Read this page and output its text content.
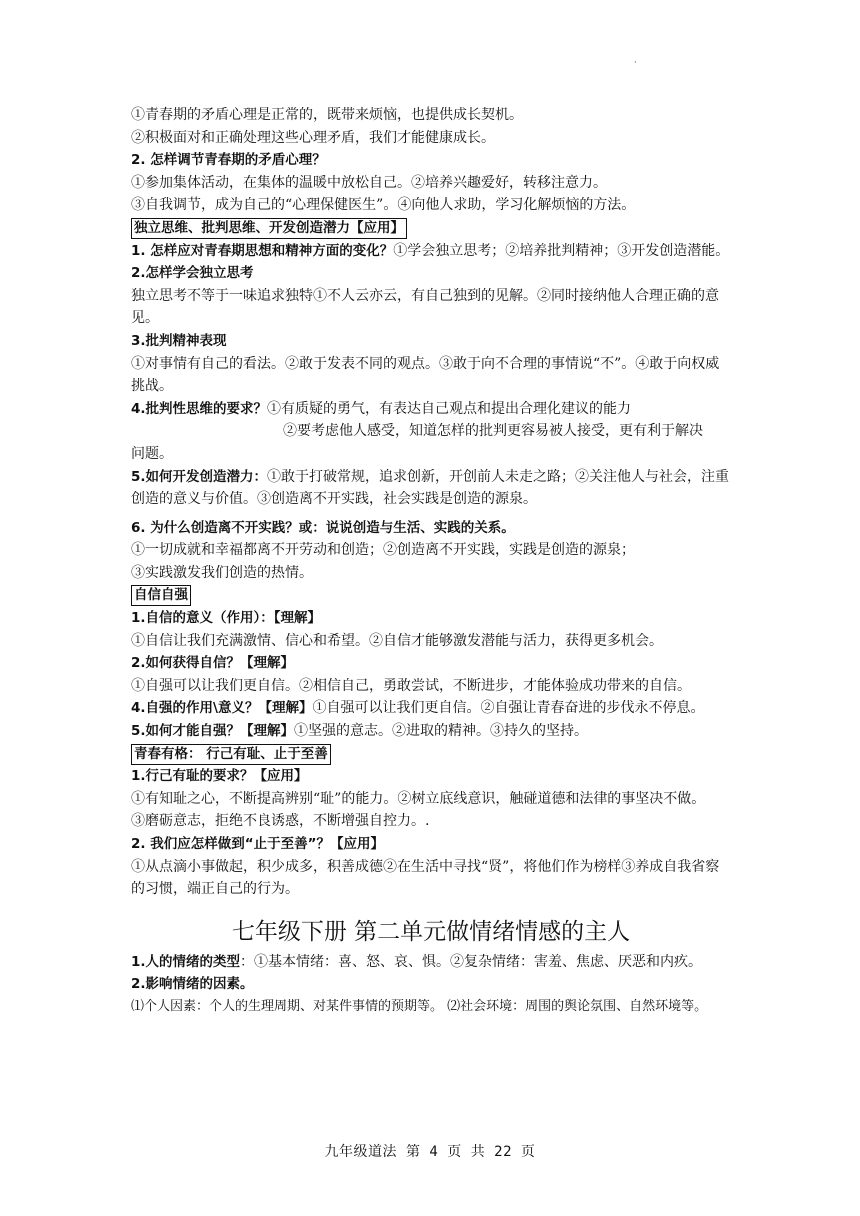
·

①青春期的矛盾心理是正常的，既带来烦恼，也提供成长契机。

②积极面对和正确处理这些心理矛盾，我们才能健康成长。

2. 怎样调节青春期的矛盾心理？

①参加集体活动，在集体的温暖中放松自己。②培养兴趣爱好，转移注意力。

③自我调节，成为自己的“心理保健医生”。④向他人求助，学习化解烦恼的方法。

独立思维、批判思维、开发创造潜力【应用】

1. 怎样应对青春期思想和精神方面的变化？①学会独立思考；②培养批判精神；③开发创造潜能。

2.怎样学会独立思考

独立思考不等于一味追求独特①不人云亦云，有自己独到的见解。②同时接纳他人合理正确的意见。

3.批判精神表现

①对事情有自己的看法。②敢于发表不同的观点。③敢于向不合理的事情说“不”。④敢于向权威挑战。

4.批判性思维的要求？①有质疑的勇气，有表达自己观点和提出合理化建议的能力

②要考虑他人感受，知道怎样的批判更容易被人接受，更有利于解决

问题。

5.如何开发创造潜力：①敢于打破常规，追求创新，开创前人未走之路；②关注他人与社会，注重创造的意义与价值。③创造离不开实践，社会实践是创造的源泉。

6. 为什么创造离不开实践？或：说说创造与生活、实践的关系。

①一切成就和幸福都离不开劳动和创造；②创造离不开实践，实践是创造的源泉；

③实践激发我们创造的热情。

自信自强

1.自信的意义（作用）：【理解】

①自信让我们充满激情、信心和希望。②自信才能够激发潜能与活力，获得更多机会。

2.如何获得自信？【理解】

①自强可以让我们更自信。②相信自己，勇敢尝试，不断进步，才能体验成功带来的自信。

4.自强的作用\意义？【理解】①自强可以让我们更自信。②自强让青春奋进的步伐永不停息。

5.如何才能自强？【理解】①坚强的意志。②进取的精神。③持久的坚持。

青春有格： 行己有耻、止于至善

1.行己有耻的要求？【应用】

①有知耻之心，不断提高辨别“耻”的能力。②树立底线意识，触碰道德和法律的事坚决不做。

③磨砺意志，拒绝不良诱惑，不断增强自控力。.

2. 我们应怎样做到“止于至善”？【应用】

①从点滴小事做起，积少成多，积善成德②在生活中寻找“贤”，将他们作为榜样③养成自我省察的习惯，端正自己的行为。

七年级下册 第二单元做情绪情感的主人

1.人的情绪的类型：①基本情绪：喜、怒、哀、惧。②复杂情绪：害羞、焦虑、厌恶和内疚。

2.影响情绪的因素。

⑴个人因素：个人的生理周期、对某件事情的预期等。 ⑵社会环境：周围的舆论氛围、自然环境等。

九年级道法 第 4 页 共 22 页
